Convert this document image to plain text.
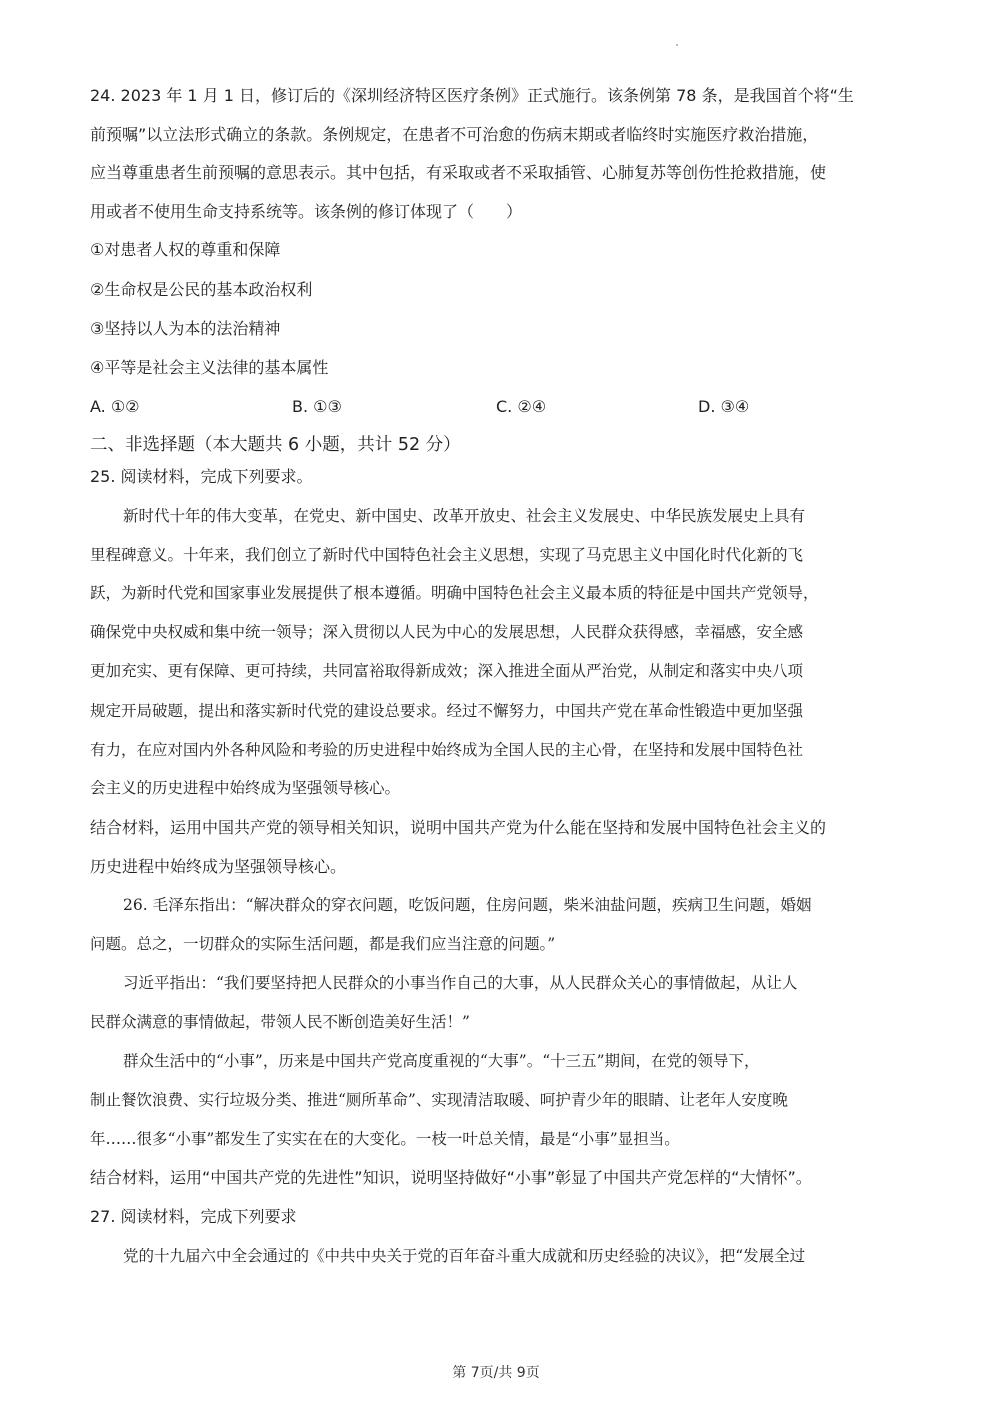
24. 2023 年 1 月 1 日，修订后的《深圳经济特区医疗条例》正式施行。该条例第 78 条，是我国首个将“生
前预嘱”以立法形式确立的条款。条例规定，在患者不可治愈的伤病末期或者临终时实施医疗救治措施，
应当尊重患者生前预嘱的意思表示。其中包括，有采取或者不采取插管、心肺复苏等创伤性抢救措施，使
用或者不使用生命支持系统等。该条例的修订体现了（　　）
①对患者人权的尊重和保障
②生命权是公民的基本政治权利
③坚持以人为本的法治精神
④平等是社会主义法律的基本属性
A. ①②	B. ①③	C. ②④	D. ③④
二、非选择题（本大题共 6 小题，共计 52 分）
25. 阅读材料，完成下列要求。
新时代十年的伟大变革，在党史、新中国史、改革开放史、社会主义发展史、中华民族发展史上具有
里程碑意义。十年来，我们创立了新时代中国特色社会主义思想，实现了马克思主义中国化时代化新的飞
跃，为新时代党和国家事业发展提供了根本遵循。明确中国特色社会主义最本质的特征是中国共产党领导，
确保党中央权威和集中统一领导；深入贯彻以人民为中心的发展思想，人民群众获得感，幸福感，安全感
更加充实、更有保障、更可持续，共同富裕取得新成效；深入推进全面从严治党，从制定和落实中央八项
规定开局破题，提出和落实新时代党的建设总要求。经过不懈努力，中国共产党在革命性锻造中更加坚强
有力，在应对国内外各种风险和考验的历史进程中始终成为全国人民的主心骨，在坚持和发展中国特色社
会主义的历史进程中始终成为坚强领导核心。
结合材料，运用中国共产党的领导相关知识，说明中国共产党为什么能在坚持和发展中国特色社会主义的
历史进程中始终成为坚强领导核心。
26. 毛泽东指出：“解决群众的穿衣问题，吃饭问题，住房问题，柴米油盐问题，疾病卫生问题，婚姻
问题。总之，一切群众的实际生活问题，都是我们应当注意的问题。”
习近平指出：“我们要坚持把人民群众的小事当作自己的大事，从人民群众关心的事情做起，从让人
民群众满意的事情做起，带领人民不断创造美好生活！”
群众生活中的“小事”，历来是中国共产党高度重视的“大事”。“十三五”期间，在党的领导下，
制止餐饮浪费、实行垃圾分类、推进“厕所革命”、实现清洁取暖、呵护青少年的眼睛、让老年人安度晚
年……很多“小事”都发生了实实在在的大变化。一枝一叶总关情，最是“小事”显担当。
结合材料，运用“中国共产党的先进性”知识，说明坚持做好“小事”彰显了中国共产党怎样的“大情怀”。
27. 阅读材料，完成下列要求
党的十九届六中全会通过的《中共中央关于党的百年奋斗重大成就和历史经验的决议》，把“发展全过
第 7页/共 9页
